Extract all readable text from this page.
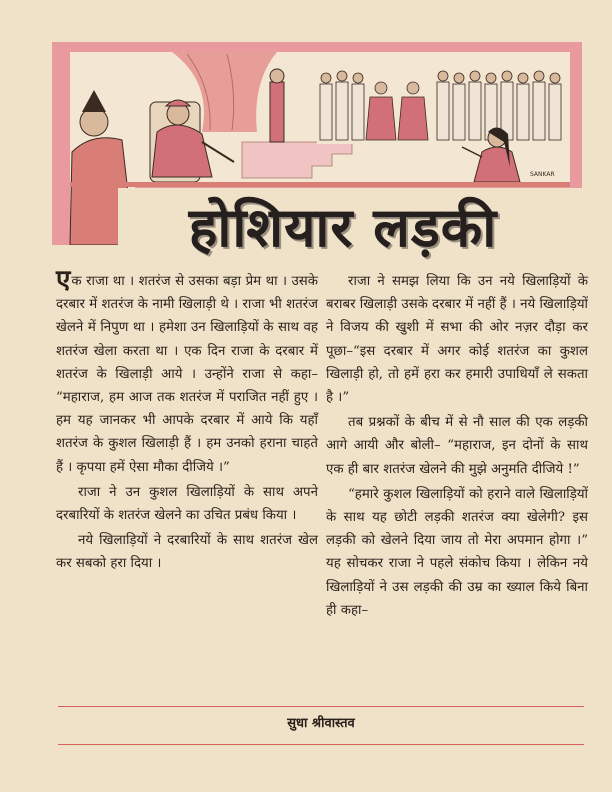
SANKAR
होशियार लड़की

एक राजा था । शतरंज से उसका बड़ा प्रेम था । उसके दरबार में शतरंज के नामी खिलाड़ी थे । राजा भी शतरंज खेलने में निपुण था । हमेशा उन खिलाड़ियों के साथ वह शतरंज खेला करता था । एक दिन राजा के दरबार में शतरंज के खिलाड़ी आये । उन्होंने राजा से कहा– “महाराज, हम आज तक शतरंज में पराजित नहीं हुए । हम यह जानकर भी आपके दरबार में आये कि यहाँ शतरंज के कुशल खिलाड़ी हैं । हम उनको हराना चाहते हैं । कृपया हमें ऐसा मौका दीजिये ।”

राजा ने उन कुशल खिलाड़ियों के साथ अपने दरबारियों के शतरंज खेलने का उचित प्रबंध किया ।

नये खिलाड़ियों ने दरबारियों के साथ शतरंज खेल कर सबको हरा दिया ।

राजा ने समझ लिया कि उन नये खिलाड़ियों के बराबर खिलाड़ी उसके दरबार में नहीं हैं । नये खिलाड़ियों ने विजय की खुशी में सभा की ओर नज़र दौड़ा कर पूछा–“इस दरबार में अगर कोई शतरंज का कुशल खिलाड़ी हो, तो हमें हरा कर हमारी उपाधियाँ ले सकता है ।”

तब प्रश्नकों के बीच में से नौ साल की एक लड़की आगे आयी और बोली– “महाराज, इन दोनों के साथ एक ही बार शतरंज खेलने की मुझे अनुमति दीजिये !”

“हमारे कुशल खिलाड़ियों को हराने वाले खिलाड़ियों के साथ यह छोटी लड़की शतरंज क्या खेलेगी? इस लड़की को खेलने दिया जाय तो मेरा अपमान होगा ।” यह सोचकर राजा ने पहले संकोच किया । लेकिन नये खिलाड़ियों ने उस लड़की की उम्र का ख्याल किये बिना ही कहा–

सुधा श्रीवास्तव
